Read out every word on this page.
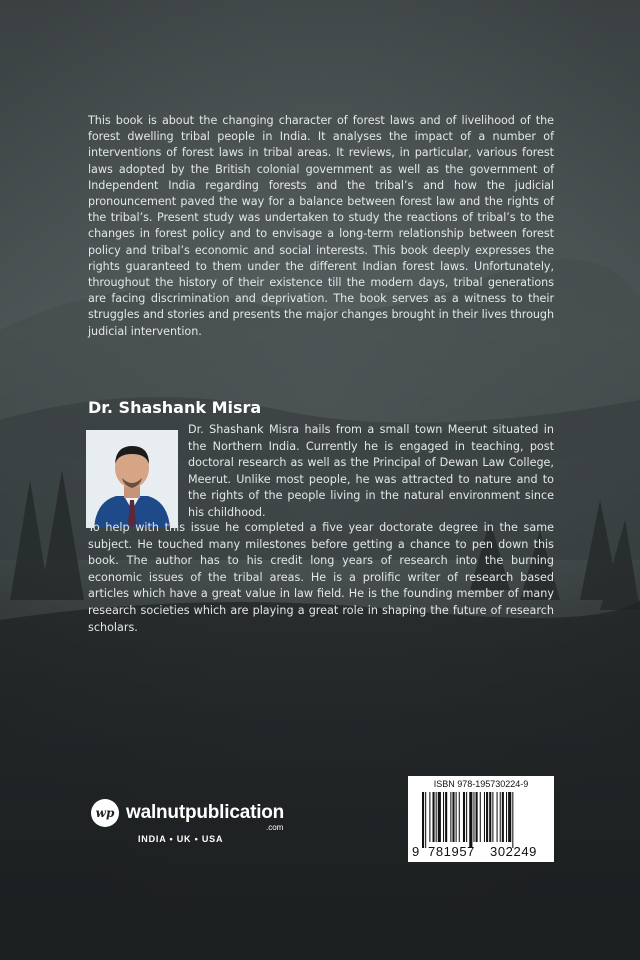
This book is about the changing character of forest laws and of livelihood of the forest dwelling tribal people in India. It analyses the impact of a number of interventions of forest laws in tribal areas. It reviews, in particular, various forest laws adopted by the British colonial government as well as the government of Independent India regarding forests and the tribal’s and how the judicial pronouncement paved the way for a balance between forest law and the rights of the tribal’s. Present study was undertaken to study the reactions of tribal’s to the changes in forest policy and to envisage a long-term relationship between forest policy and tribal’s economic and social interests. This book deeply expresses the rights guaranteed to them under the different Indian forest laws. Unfortunately, throughout the history of their existence till the modern days, tribal generations are facing discrimination and deprivation. The book serves as a witness to their struggles and stories and presents the major changes brought in their lives through judicial intervention.
Dr. Shashank Misra
Dr. Shashank Misra hails from a small town Meerut situated in the Northern India. Currently he is engaged in teaching, post doctoral research as well as the Principal of Dewan Law College, Meerut. Unlike most people, he was attracted to nature and to the rights of the people living in the natural environment since his childhood.
To help with this issue he completed a five year doctorate degree in the same subject. He touched many milestones before getting a chance to pen down this book. The author has to his credit long years of research into the burning economic issues of the tribal areas. He is a prolific writer of research based articles which have a great value in law field. He is the founding member of many research societies which are playing a great role in shaping the future of research scholars.
wp walnutpublication
.com
INDIA • UK • USA
ISBN 978-195730224-9
9 781957 302249
